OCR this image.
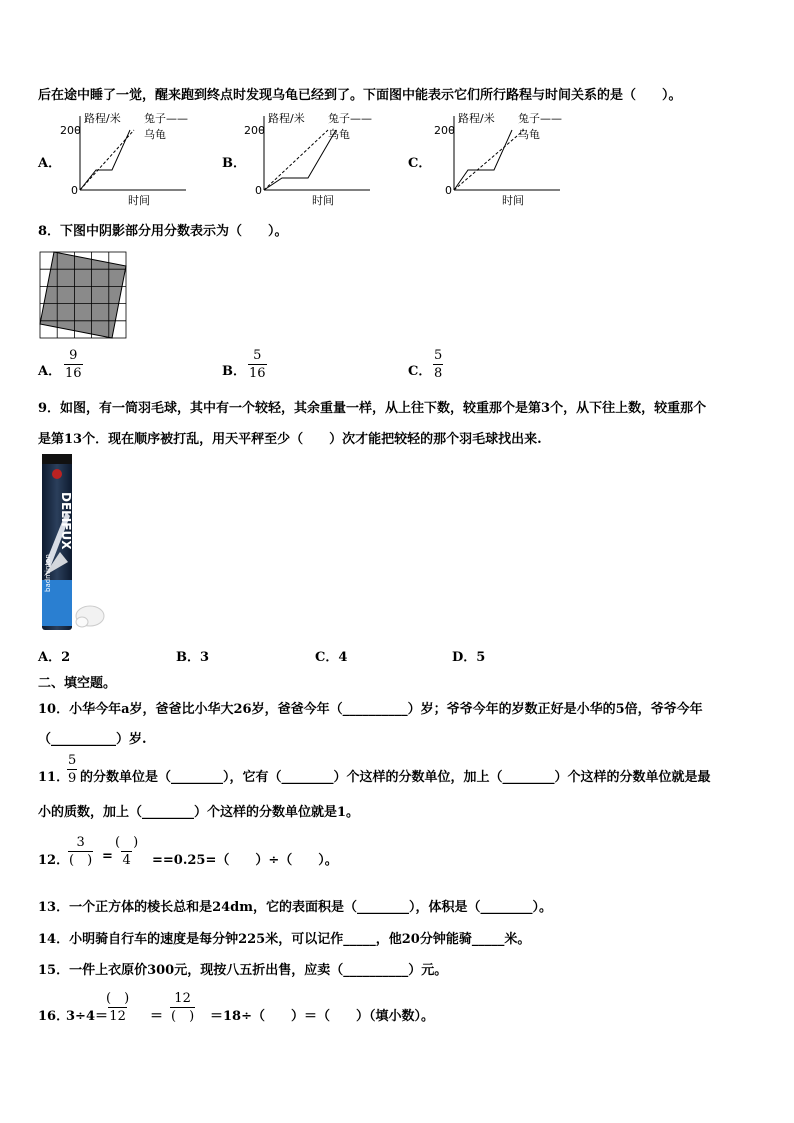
后在途中睡了一觉，醒来跑到终点时发现乌龟已经到了。下面图中能表示它们所行路程与时间关系的是（　　）。
A．	B．	C．
200
0
路程/米 兔子——
乌龟
时间
200
0
路程/米 兔子——
乌龟
时间
200
0
路程/米 兔子——
乌龟
时间
8．下图中阴影部分用分数表示为（　　）。
A． $\frac{9}{16}$	B． $\frac{5}{16}$	C． $\frac{5}{8}$
9．如图，有一筒羽毛球，其中有一个较轻，其余重量一样，从上往下数，较重那个是第3个，从下往上数，较重那个
是第13个．现在顺序被打乱，用天平秤至少（　　）次才能把较轻的那个羽毛球找出来.
DELIFUX
badminton
A．2	B．3	C．4	D．5
二、填空题。
10．小华今年a岁，爸爸比小华大26岁，爸爸今年（__________）岁；爷爷今年的岁数正好是小华的5倍，爷爷今年
（__________）岁.
11．
$\frac{5}{9}$ 的分数单位是（________），它有（________）个这样的分数单位，加上（________）个这样的分数单位就是最
小的质数，加上（________）个这样的分数单位就是1。
12．
3
(　) =
(　)
4 ==0.25=（　　）÷（　　）。
13．一个正方体的棱长总和是24dm，它的表面积是（________），体积是（________）。
14．小明骑自行车的速度是每分钟225米，可以记作_____，他20分钟能骑_____米。
15．一件上衣原价300元，现按八五折出售，应卖（__________）元。
16．
3÷4＝
(　)
12 ＝
12
(　) ＝18÷（　　）＝（　　）（填小数）。
